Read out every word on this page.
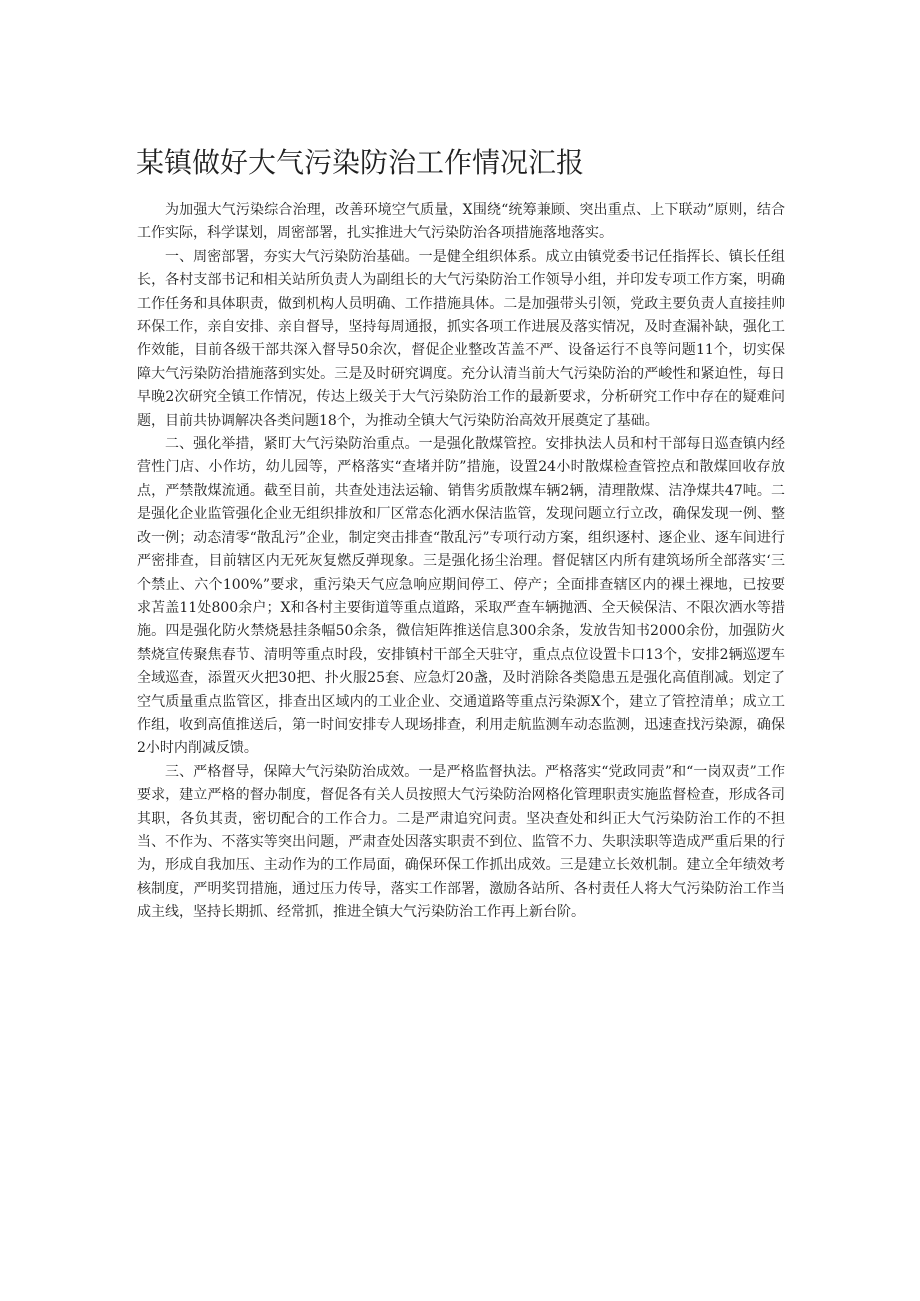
某镇做好大气污染防治工作情况汇报

为加强大气污染综合治理，改善环境空气质量，X围绕“统筹兼顾、突出重点、上下联动”原则，结合工作实际，科学谋划，周密部署，扎实推进大气污染防治各项措施落地落实。

一、周密部署，夯实大气污染防治基础。一是健全组织体系。成立由镇党委书记任指挥长、镇长任组长，各村支部书记和相关站所负责人为副组长的大气污染防治工作领导小组，并印发专项工作方案，明确工作任务和具体职责，做到机构人员明确、工作措施具体。二是加强带头引领，党政主要负责人直接挂帅环保工作，亲自安排、亲自督导，坚持每周通报，抓实各项工作进展及落实情况，及时查漏补缺，强化工作效能，目前各级干部共深入督导50余次，督促企业整改苫盖不严、设备运行不良等问题11个，切实保障大气污染防治措施落到实处。三是及时研究调度。充分认清当前大气污染防治的严峻性和紧迫性，每日早晚2次研究全镇工作情况，传达上级关于大气污染防治工作的最新要求，分析研究工作中存在的疑难问题，目前共协调解决各类问题18个，为推动全镇大气污染防治高效开展奠定了基础。

二、强化举措，紧盯大气污染防治重点。一是强化散煤管控。安排执法人员和村干部每日巡查镇内经营性门店、小作坊，幼儿园等，严格落实“查堵并防”措施，设置24小时散煤检查管控点和散煤回收存放点，严禁散煤流通。截至目前，共查处违法运输、销售劣质散煤车辆2辆，清理散煤、洁净煤共47吨。二是强化企业监管强化企业无组织排放和厂区常态化洒水保洁监管，发现问题立行立改，确保发现一例、整改一例；动态清零“散乱污”企业，制定突击排查“散乱污”专项行动方案，组织逐村、逐企业、逐车间进行严密排查，目前辖区内无死灰复燃反弹现象。三是强化扬尘治理。督促辖区内所有建筑场所全部落实‘三个禁止、六个100%”要求，重污染天气应急响应期间停工、停产；全面排查辖区内的裸土裸地，已按要求苫盖11处800余户；X和各村主要街道等重点道路，采取严查车辆抛洒、全天候保洁、不限次洒水等措施。四是强化防火禁烧悬挂条幅50余条，微信矩阵推送信息300余条，发放告知书2000余份，加强防火禁烧宣传聚焦春节、清明等重点时段，安排镇村干部全天驻守，重点点位设置卡口13个，安排2辆巡逻车全域巡查，添置灭火把30把、扑火服25套、应急灯20盏，及时消除各类隐患五是强化高值削减。划定了空气质量重点监管区，排查出区域内的工业企业、交通道路等重点污染源X个，建立了管控清单；成立工作组，收到高值推送后，第一时间安排专人现场排查，利用走航监测车动态监测，迅速查找污染源，确保2小时内削减反馈。

三、严格督导，保障大气污染防治成效。一是严格监督执法。严格落实“党政同责”和“一岗双责”工作要求，建立严格的督办制度，督促各有关人员按照大气污染防治网格化管理职责实施监督检查，形成各司其职，各负其责，密切配合的工作合力。二是严肃追究问责。坚决查处和纠正大气污染防治工作的不担当、不作为、不落实等突出问题，严肃查处因落实职责不到位、监管不力、失职渎职等造成严重后果的行为，形成自我加压、主动作为的工作局面，确保环保工作抓出成效。三是建立长效机制。建立全年绩效考核制度，严明奖罚措施，通过压力传导，落实工作部署，激励各站所、各村责任人将大气污染防治工作当成主线，坚持长期抓、经常抓，推进全镇大气污染防治工作再上新台阶。
